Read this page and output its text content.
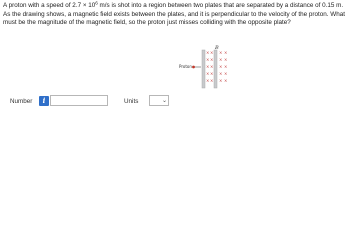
A proton with a speed of $2.7 \times 10^6$ m/s is shot into a region between two plates that are separated by a distance of 0.15 m. As the drawing shows, a magnetic field exists between the plates, and it is perpendicular to the velocity of the proton. What must be the magnitude of the magnetic field, so the proton just misses colliding with the opposite plate?

B
× ×
× ×
× ×
× ×
× ×
× ×
× ×
× ×
× ×
× ×
Proton
Number	i	Units	⌄
